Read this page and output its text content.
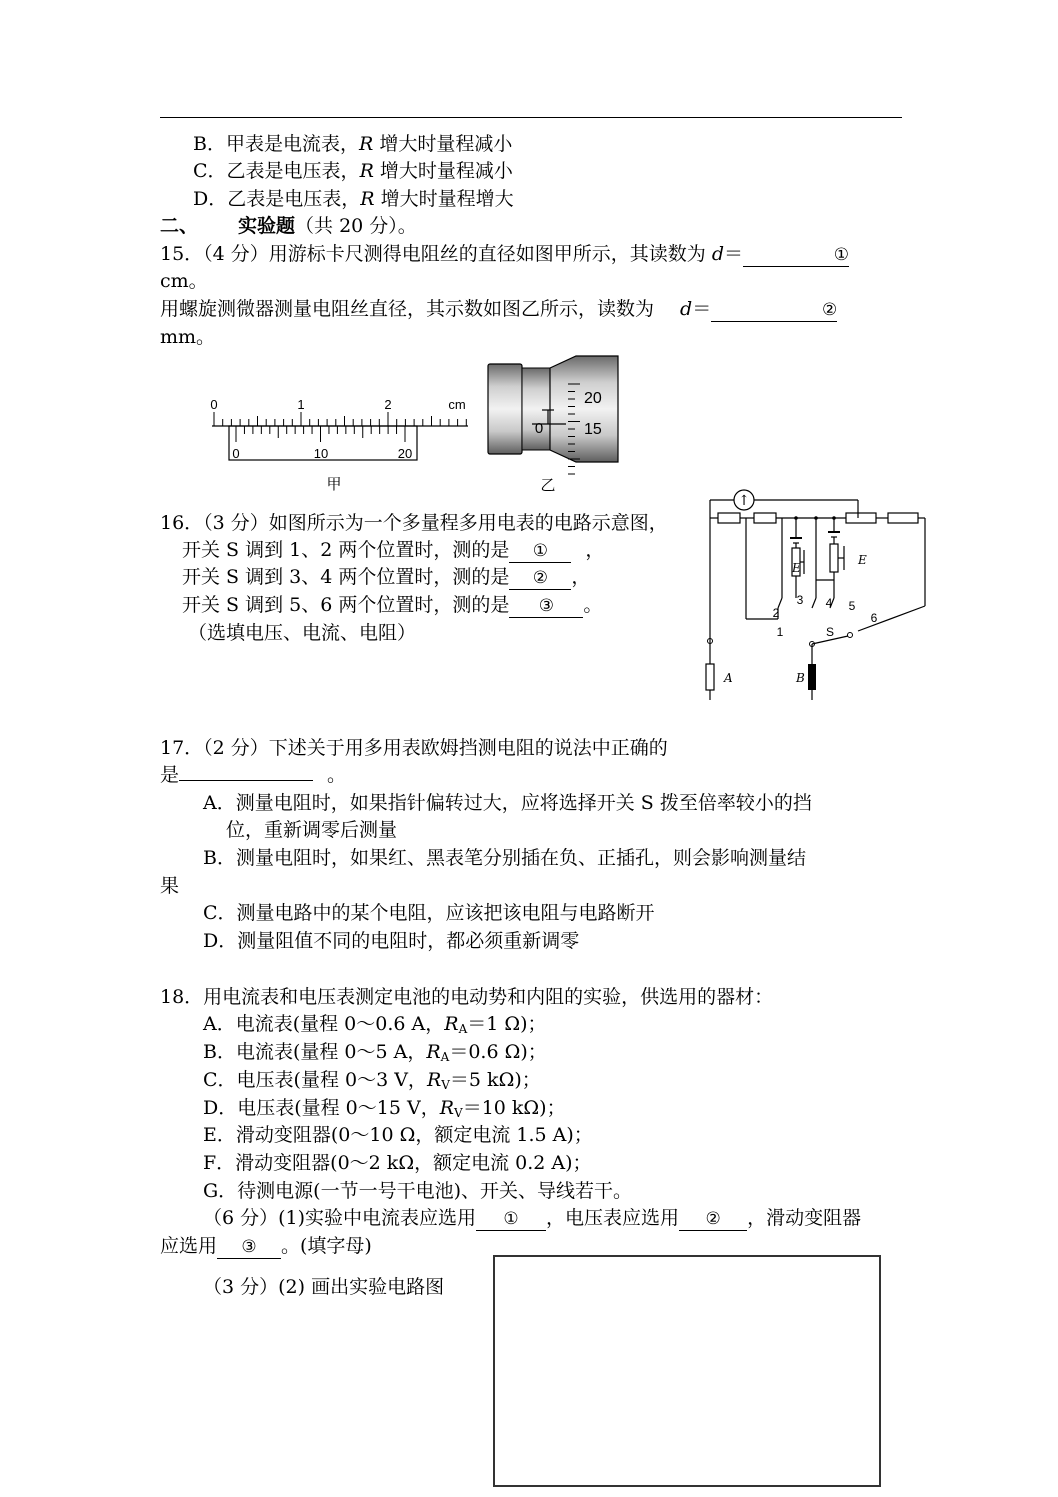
B．甲表是电流表，R 增大时量程减小
C．乙表是电压表，R 增大时量程减小
D．乙表是电压表，R 增大时量程增大
二、 实验题（共 20 分）。
15．（4 分）用游标卡尺测得电阻丝的直径如图甲所示，其读数为 d＝	①
cm。
用螺旋测微器测量电阻丝直径，其示数如图乙所示，读数为 d＝	②
mm。
0	1	2	cm
0	10	20
甲
0
20
15
乙
16．（3 分）如图所示为一个多量程多用电表的电路示意图，
开关 S 调到 1、2 两个位置时，测的是 ① ，
开关 S 调到 3、4 两个位置时，测的是 ② ，
开关 S 调到 5、6 两个位置时，测的是 ③ 。
（选填电压、电流、电阻）
↑
E
E
1
2
3 4 5
6
S
A	B
17．（2 分）下述关于用多用表欧姆挡测电阻的说法中正确的
是	。
A．测量电阻时，如果指针偏转过大，应将选择开关 S 拨至倍率较小的挡
位，重新调零后测量
B．测量电阻时，如果红、黑表笔分别插在负、正插孔，则会影响测量结
果
C．测量电路中的某个电阻，应该把该电阻与电路断开
D．测量阻值不同的电阻时，都必须重新调零
18．用电流表和电压表测定电池的电动势和内阻的实验，供选用的器材：
A．电流表(量程 0～0.6 A，$R_A=1$ Ω)；
B．电流表(量程 0～5 A，$R_A=0.6$ Ω)；
C．电压表(量程 0～3 V，$R_V=5$ kΩ)；
D．电压表(量程 0～15 V，$R_V=10$ kΩ)；
E．滑动变阻器(0～10 Ω，额定电流 1.5 A)；
F．滑动变阻器(0～2 kΩ，额定电流 0.2 A)；
G．待测电源(一节一号干电池)、开关、导线若干。
（6 分）(1)实验中电流表应选用 ① ，电压表应选用 ② ，滑动变阻器
应选用 ③ 。(填字母)
（3 分）(2) 画出实验电路图
